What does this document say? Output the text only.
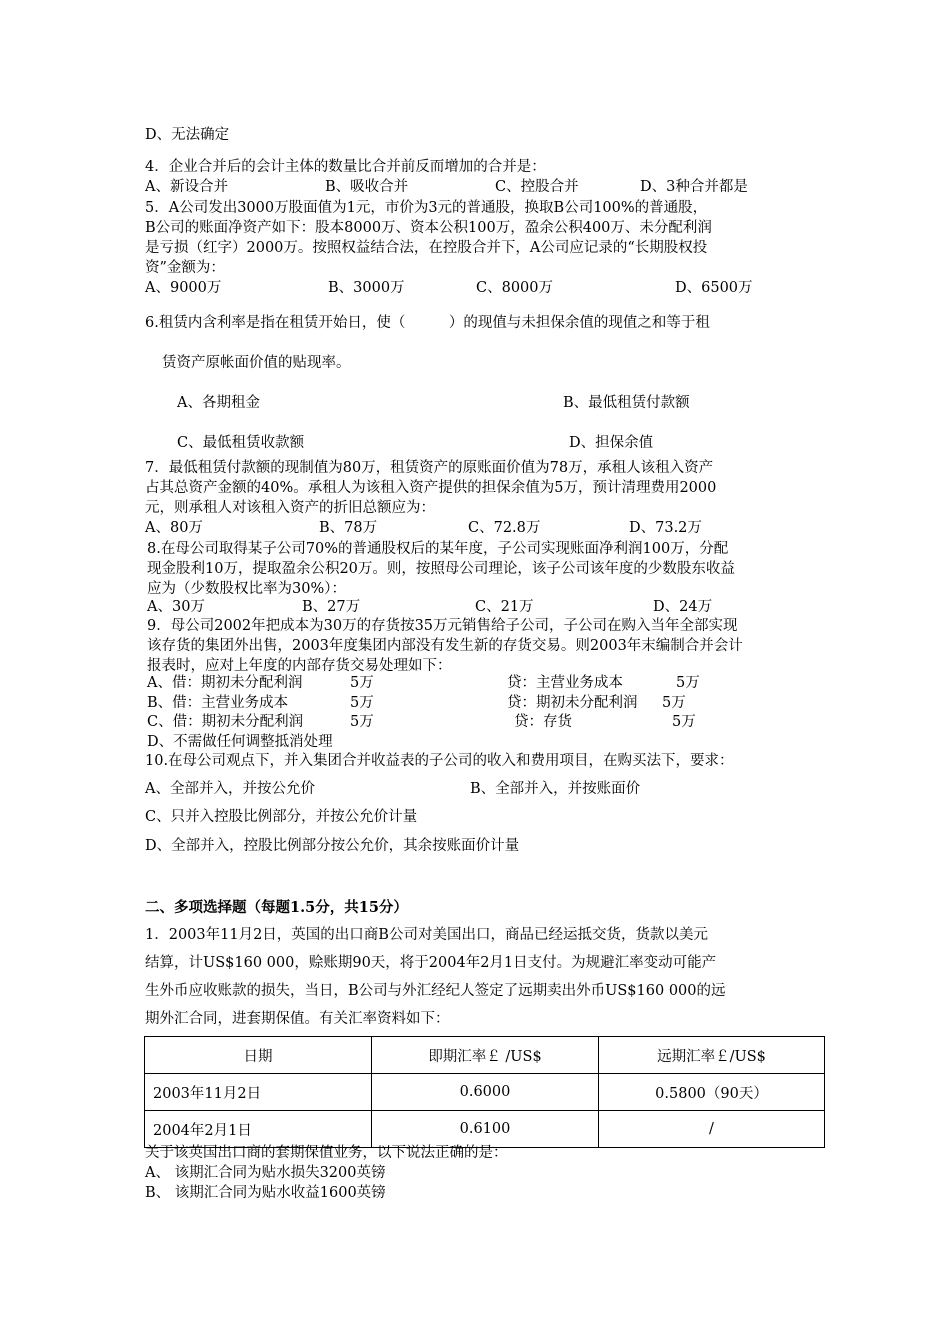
D、无法确定
4．企业合并后的会计主体的数量比合并前反而增加的合并是：
A、新设合并	B、吸收合并	C、控股合并	D、3种合并都是
5．A公司发出3000万股面值为1元，市价为3元的普通股，换取B公司100%的普通股，
B公司的账面净资产如下：股本8000万、资本公积100万，盈余公积400万、未分配利润
是亏损（红字）2000万。按照权益结合法，在控股合并下，A公司应记录的“长期股权投
资”金额为：
A、9000万	B、3000万	C、8000万	D、6500万
6.租赁内含利率是指在租赁开始日，使（　　　）的现值与未担保余值的现值之和等于租
赁资产原帐面价值的贴现率。
A、各期租金	B、最低租赁付款额
C、最低租赁收款额	D、担保余值
7．最低租赁付款额的现制值为80万，租赁资产的原账面价值为78万，承租人该租入资产
占其总资产金额的40%。承租人为该租入资产提供的担保余值为5万，预计清理费用2000
元，则承租人对该租入资产的折旧总额应为：
A、80万	B、78万	C、72.8万	D、73.2万
8.在母公司取得某子公司70%的普通股权后的某年度，子公司实现账面净利润100万，分配
现金股利10万，提取盈余公积20万。则，按照母公司理论，该子公司该年度的少数股东收益
应为（少数股权比率为30%）：
A、30万	B、27万	C、21万	D、24万
9．母公司2002年把成本为30万的存货按35万元销售给子公司，子公司在购入当年全部实现
该存货的集团外出售，2003年度集团内部没有发生新的存货交易。则2003年末编制合并会计
报表时，应对上年度的内部存货交易处理如下：
A、借：期初未分配利润	5万	贷：主营业务成本	5万
B、借：主营业务成本	5万	贷：期初未分配利润 5万
C、借：期初未分配利润	5万	贷：存货	5万
D、不需做任何调整抵消处理
10.在母公司观点下，并入集团合并收益表的子公司的收入和费用项目，在购买法下，要求：
A、全部并入，并按公允价	B、全部并入，并按账面价
C、只并入控股比例部分，并按公允价计量
D、全部并入，控股比例部分按公允价，其余按账面价计量
二、多项选择题（每题1.5分，共15分）
1．2003年11月2日，英国的出口商B公司对美国出口，商品已经运抵交货，货款以美元
结算，计US$160 000，赊账期90天，将于2004年2月1日支付。为规避汇率变动可能产
生外币应收账款的损失，当日，B公司与外汇经纪人签定了远期卖出外币US$160 000的远
期外汇合同，进套期保值。有关汇率资料如下：
日期	即期汇率￡ /US$	远期汇率￡/US$
2003年11月2日	0.6000	0.5800（90天）
2004年2月1日	0.6100	/
关于该英国出口商的套期保值业务，以下说法正确的是：
A、 该期汇合同为贴水损失3200英镑
B、 该期汇合同为贴水收益1600英镑
